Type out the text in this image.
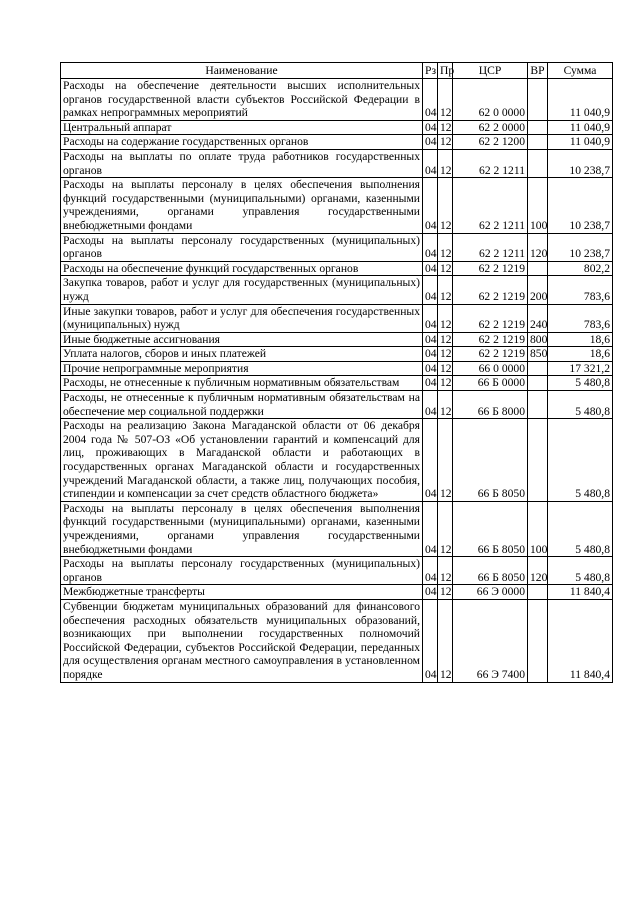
Наименование	Рз	Пр	ЦСР	ВР	Сумма
Расходы на обеспечение деятельности высших исполнительных органов государственной власти субъектов Российской Федерации в рамках непрограммных мероприятий	04	12	62 0 0000		11 040,9
Центральный аппарат	04	12	62 2 0000		11 040,9
Расходы на содержание государственных органов	04	12	62 2 1200		11 040,9
Расходы на выплаты по оплате труда работников государственных органов	04	12	62 2 1211		10 238,7
Расходы на выплаты персоналу в целях обеспечения выполнения функций государственными (муниципальными) органами, казенными учреждениями, органами управления государственными внебюджетными фондами	04	12	62 2 1211	100	10 238,7
Расходы на выплаты персоналу государственных (муниципальных) органов	04	12	62 2 1211	120	10 238,7
Расходы на обеспечение функций государственных органов	04	12	62 2 1219		802,2
Закупка товаров, работ и услуг для государственных (муниципальных) нужд	04	12	62 2 1219	200	783,6
Иные закупки товаров, работ и услуг для обеспечения государственных (муниципальных) нужд	04	12	62 2 1219	240	783,6
Иные бюджетные ассигнования	04	12	62 2 1219	800	18,6
Уплата налогов, сборов и иных платежей	04	12	62 2 1219	850	18,6
Прочие непрограммные мероприятия	04	12	66 0 0000		17 321,2
Расходы, не отнесенные к публичным нормативным обязательствам	04	12	66 Б 0000		5 480,8
Расходы, не отнесенные к публичным нормативным обязательствам на обеспечение мер социальной поддержки	04	12	66 Б 8000		5 480,8
Расходы на реализацию Закона Магаданской области от 06 декабря 2004 года № 507-ОЗ «Об установлении гарантий и компенсаций для лиц, проживающих в Магаданской области и работающих в государственных органах Магаданской области и государственных учреждений Магаданской области, а также лиц, получающих пособия, стипендии и компенсации за счет средств областного бюджета»	04	12	66 Б 8050		5 480,8
Расходы на выплаты персоналу в целях обеспечения выполнения функций государственными (муниципальными) органами, казенными учреждениями, органами управления государственными внебюджетными фондами	04	12	66 Б 8050	100	5 480,8
Расходы на выплаты персоналу государственных (муниципальных) органов	04	12	66 Б 8050	120	5 480,8
Межбюджетные трансферты	04	12	66 Э 0000		11 840,4
Субвенции бюджетам муниципальных образований для финансового обеспечения расходных обязательств муниципальных образований, возникающих при выполнении государственных полномочий Российской Федерации, субъектов Российской Федерации, переданных для осуществления органам местного самоуправления в установленном порядке	04	12	66 Э 7400		11 840,4
